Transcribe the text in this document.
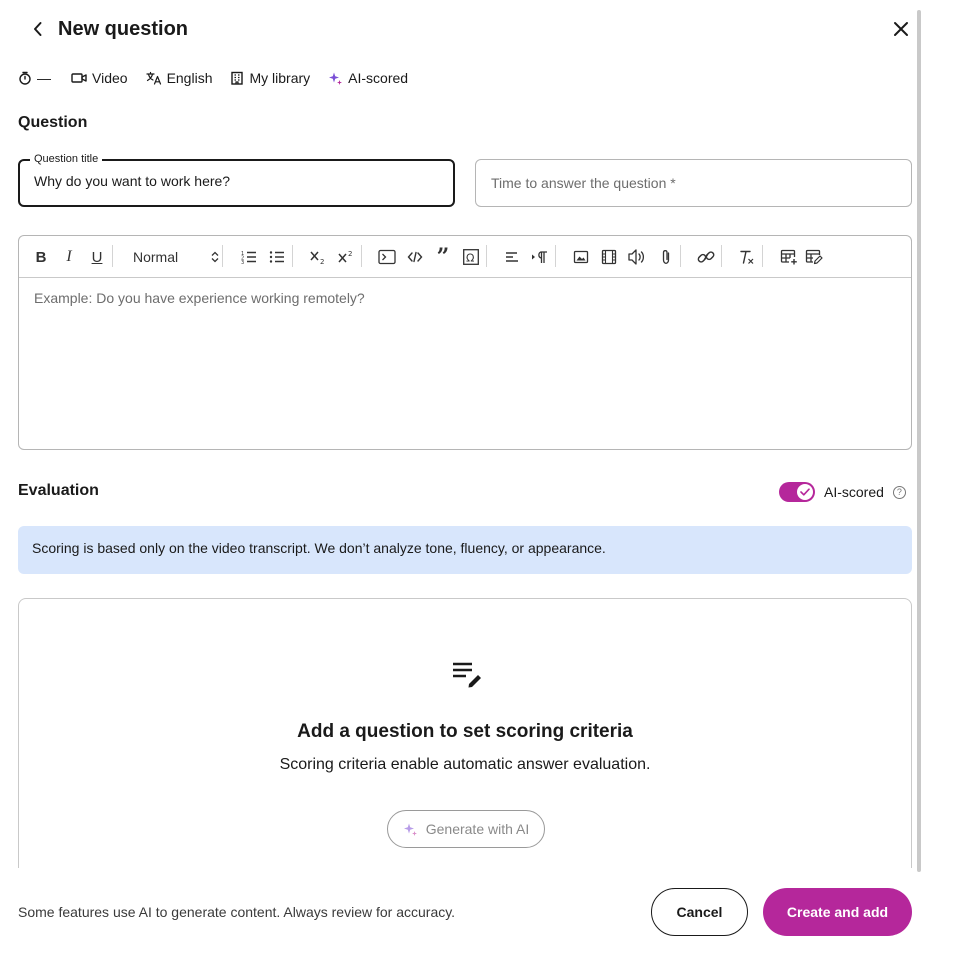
New question
—	Video	English	My library	AI-scored
Question
Question title
Why do you want to work here?
Time to answer the question *
B	I	U	Normal	1
2
3	2
2	”	Ω
Example: Do you have experience working remotely?
Evaluation	AI-scored	?
Scoring is based only on the video transcript. We don’t analyze tone, fluency, or appearance.
Add a question to set scoring criteria
Scoring criteria enable automatic answer evaluation.
Generate with AI
Some features use AI to generate content. Always review for accuracy.	Cancel	Create and add
